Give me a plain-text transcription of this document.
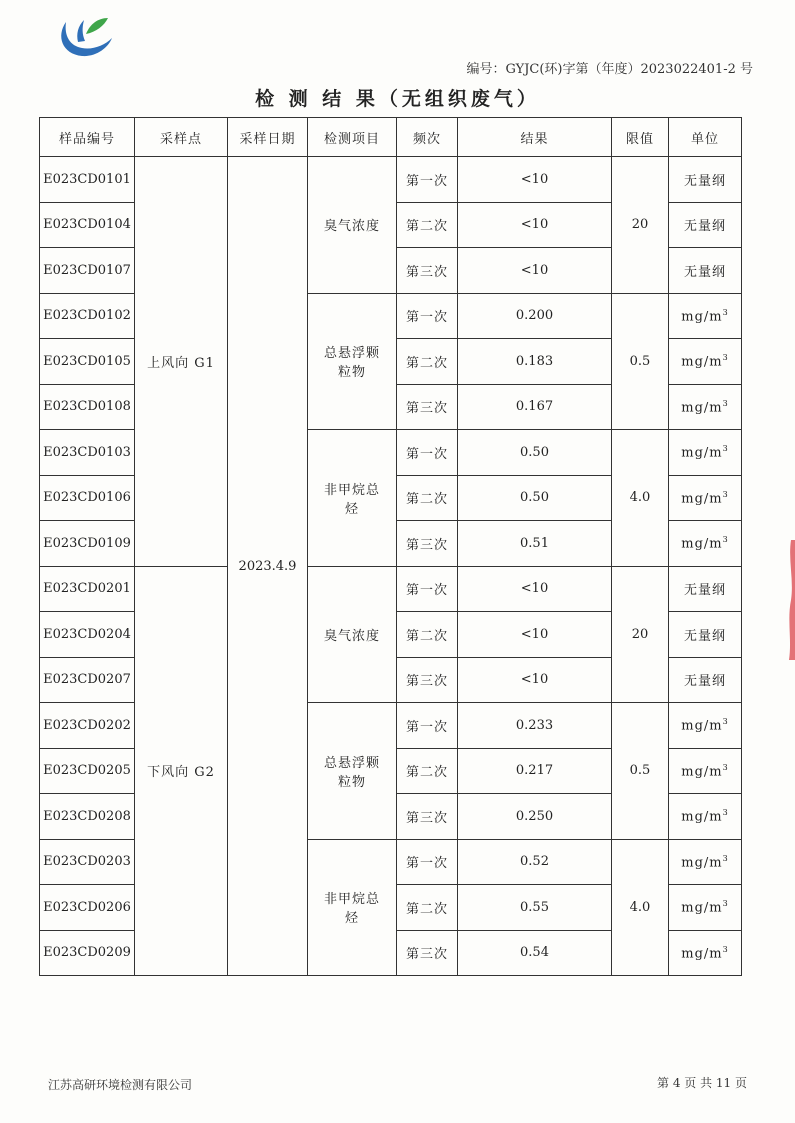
编号：GYJC(环)字第（年度）2023022401-2 号
检 测 结 果（无组织废气）
样品编号	采样点	采样日期	检测项目	频次	结果	限值	单位
E023CD0101	上风向 G1	2023.4.9	臭气浓度	第一次	<10	20	无量纲
E023CD0104				第二次	<10		无量纲
E023CD0107				第三次	<10		无量纲
E023CD0102			总悬浮颗粒物	第一次	0.200	0.5	$mg/m^3$
E023CD0105				第二次	0.183		$mg/m^3$
E023CD0108				第三次	0.167		$mg/m^3$
E023CD0103			非甲烷总烃	第一次	0.50	4.0	$mg/m^3$
E023CD0106				第二次	0.50		$mg/m^3$
E023CD0109				第三次	0.51		$mg/m^3$
E023CD0201	下风向 G2		臭气浓度	第一次	<10	20	无量纲
E023CD0204				第二次	<10		无量纲
E023CD0207				第三次	<10		无量纲
E023CD0202			总悬浮颗粒物	第一次	0.233	0.5	$mg/m^3$
E023CD0205				第二次	0.217		$mg/m^3$
E023CD0208				第三次	0.250		$mg/m^3$
E023CD0203			非甲烷总烃	第一次	0.52	4.0	$mg/m^3$
E023CD0206				第二次	0.55		$mg/m^3$
E023CD0209				第三次	0.54		$mg/m^3$
江苏高研环境检测有限公司	第 4 页 共 11 页
